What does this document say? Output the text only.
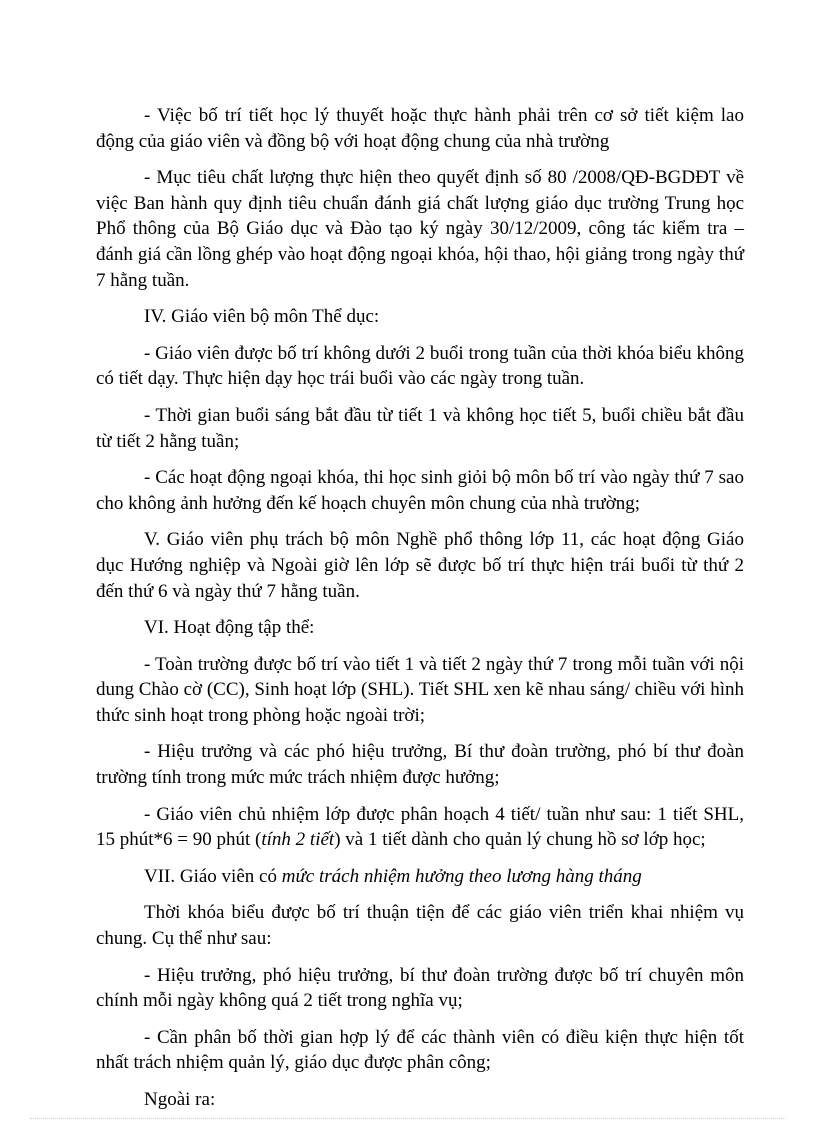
- Việc bố trí tiết học lý thuyết hoặc thực hành phải trên cơ sở tiết kiệm lao động của giáo viên và đồng bộ với hoạt động chung của nhà trường

- Mục tiêu chất lượng thực hiện theo quyết định số 80 /2008/QĐ-BGDĐT về việc Ban hành quy định tiêu chuẩn đánh giá chất lượng giáo dục trường Trung học Phổ thông của Bộ Giáo dục và Đào tạo ký ngày 30/12/2009, công tác kiểm tra – đánh giá cần lồng ghép vào hoạt động ngoại khóa, hội thao, hội giảng trong ngày thứ 7 hằng tuần.

IV. Giáo viên bộ môn Thể dục:

- Giáo viên được bố trí không dưới 2 buổi trong tuần của thời khóa biểu không có tiết dạy. Thực hiện dạy học trái buổi vào các ngày trong tuần.

- Thời gian buổi sáng bắt đầu từ tiết 1 và không học tiết 5, buổi chiều bắt đầu từ tiết 2 hằng tuần;

- Các hoạt động ngoại khóa, thi học sinh giỏi bộ môn bố trí vào ngày thứ 7 sao cho không ảnh hưởng đến kế hoạch chuyên môn chung của nhà trường;

V. Giáo viên phụ trách bộ môn Nghề phổ thông lớp 11, các hoạt động Giáo dục Hướng nghiệp và Ngoài giờ lên lớp sẽ được bố trí thực hiện trái buổi từ thứ 2 đến thứ 6 và ngày thứ 7 hằng tuần.

VI. Hoạt động tập thể:

- Toàn trường được bố trí vào tiết 1 và tiết 2 ngày thứ 7 trong mỗi tuần với nội dung Chào cờ (CC), Sinh hoạt lớp (SHL). Tiết SHL xen kẽ nhau sáng/ chiều với hình thức sinh hoạt trong phòng hoặc ngoài trời;

- Hiệu trưởng và các phó hiệu trưởng, Bí thư đoàn trường, phó bí thư đoàn trường tính trong mức mức trách nhiệm được hưởng;

- Giáo viên chủ nhiệm lớp được phân hoạch 4 tiết/ tuần như sau: 1 tiết SHL, 15 phút*6 = 90 phút (tính 2 tiết) và 1 tiết dành cho quản lý chung hồ sơ lớp học;

VII. Giáo viên có mức trách nhiệm hưởng theo lương hàng tháng

Thời khóa biểu được bố trí thuận tiện để các giáo viên triển khai nhiệm vụ chung. Cụ thể như sau:

- Hiệu trưởng, phó hiệu trưởng, bí thư đoàn trường được bố trí chuyên môn chính mỗi ngày không quá 2 tiết trong nghĩa vụ;

- Cần phân bố thời gian hợp lý để các thành viên có điều kiện thực hiện tốt nhất trách nhiệm quản lý, giáo dục được phân công;

Ngoài ra:
